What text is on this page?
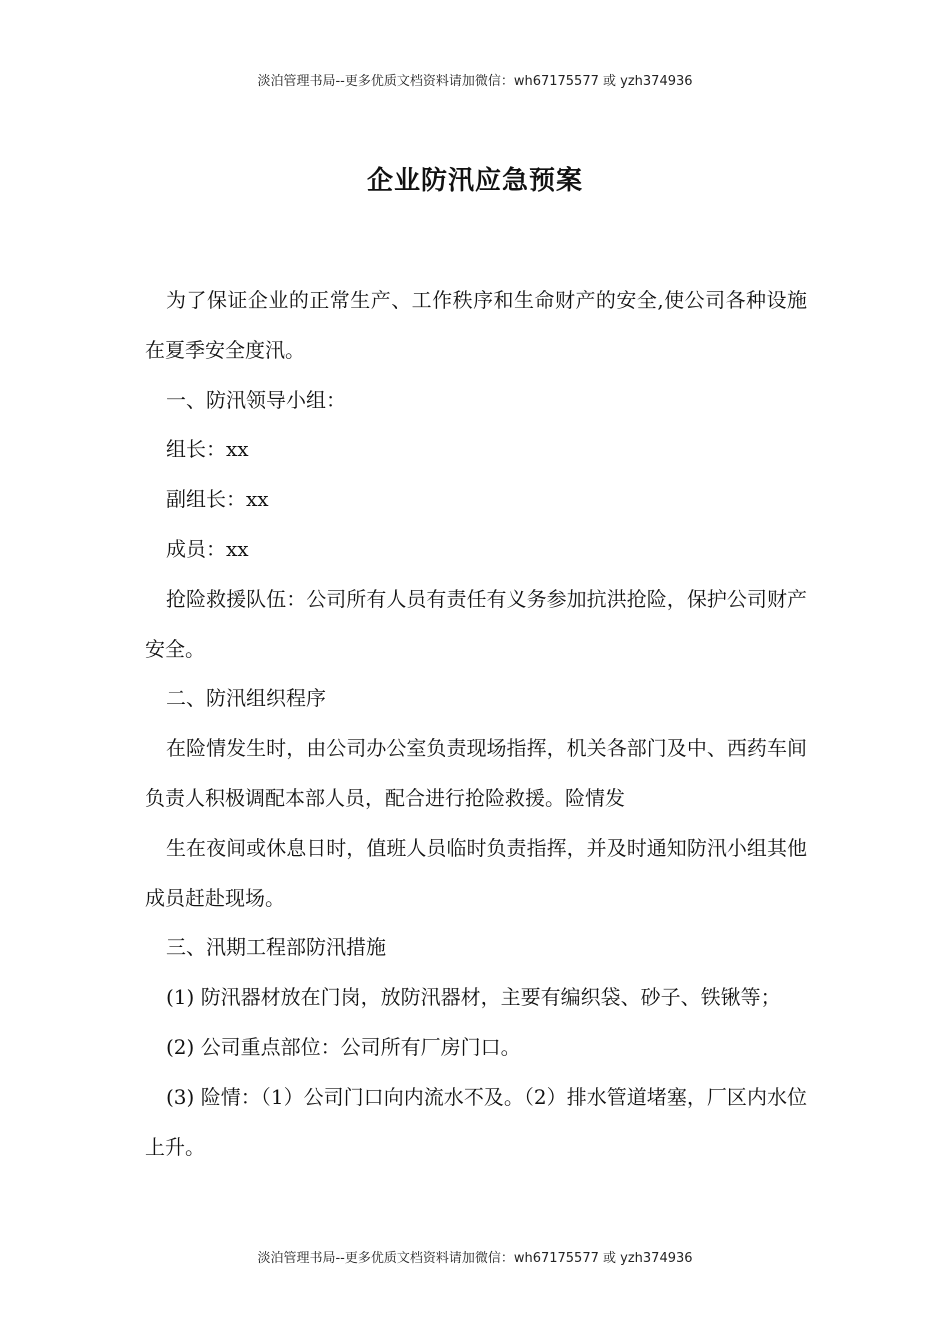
淡泊管理书局--更多优质文档资料请加微信：wh67175577 或 yzh374936
企业防汛应急预案

为了保证企业的正常生产、工作秩序和生命财产的安全,使公司各种设施在夏季安全度汛。

一、防汛领导小组：

组长：xx

副组长：xx

成员：xx

抢险救援队伍：公司所有人员有责任有义务参加抗洪抢险，保护公司财产安全。

二、防汛组织程序

在险情发生时，由公司办公室负责现场指挥，机关各部门及中、西药车间负责人积极调配本部人员，配合进行抢险救援。险情发

生在夜间或休息日时，值班人员临时负责指挥，并及时通知防汛小组其他成员赶赴现场。

三、汛期工程部防汛措施

(1) 防汛器材放在门岗，放防汛器材，主要有编织袋、砂子、铁锹等；

(2) 公司重点部位：公司所有厂房门口。

(3) 险情：（1）公司门口向内流水不及。（2）排水管道堵塞，厂区内水位上升。

淡泊管理书局--更多优质文档资料请加微信：wh67175577 或 yzh374936
